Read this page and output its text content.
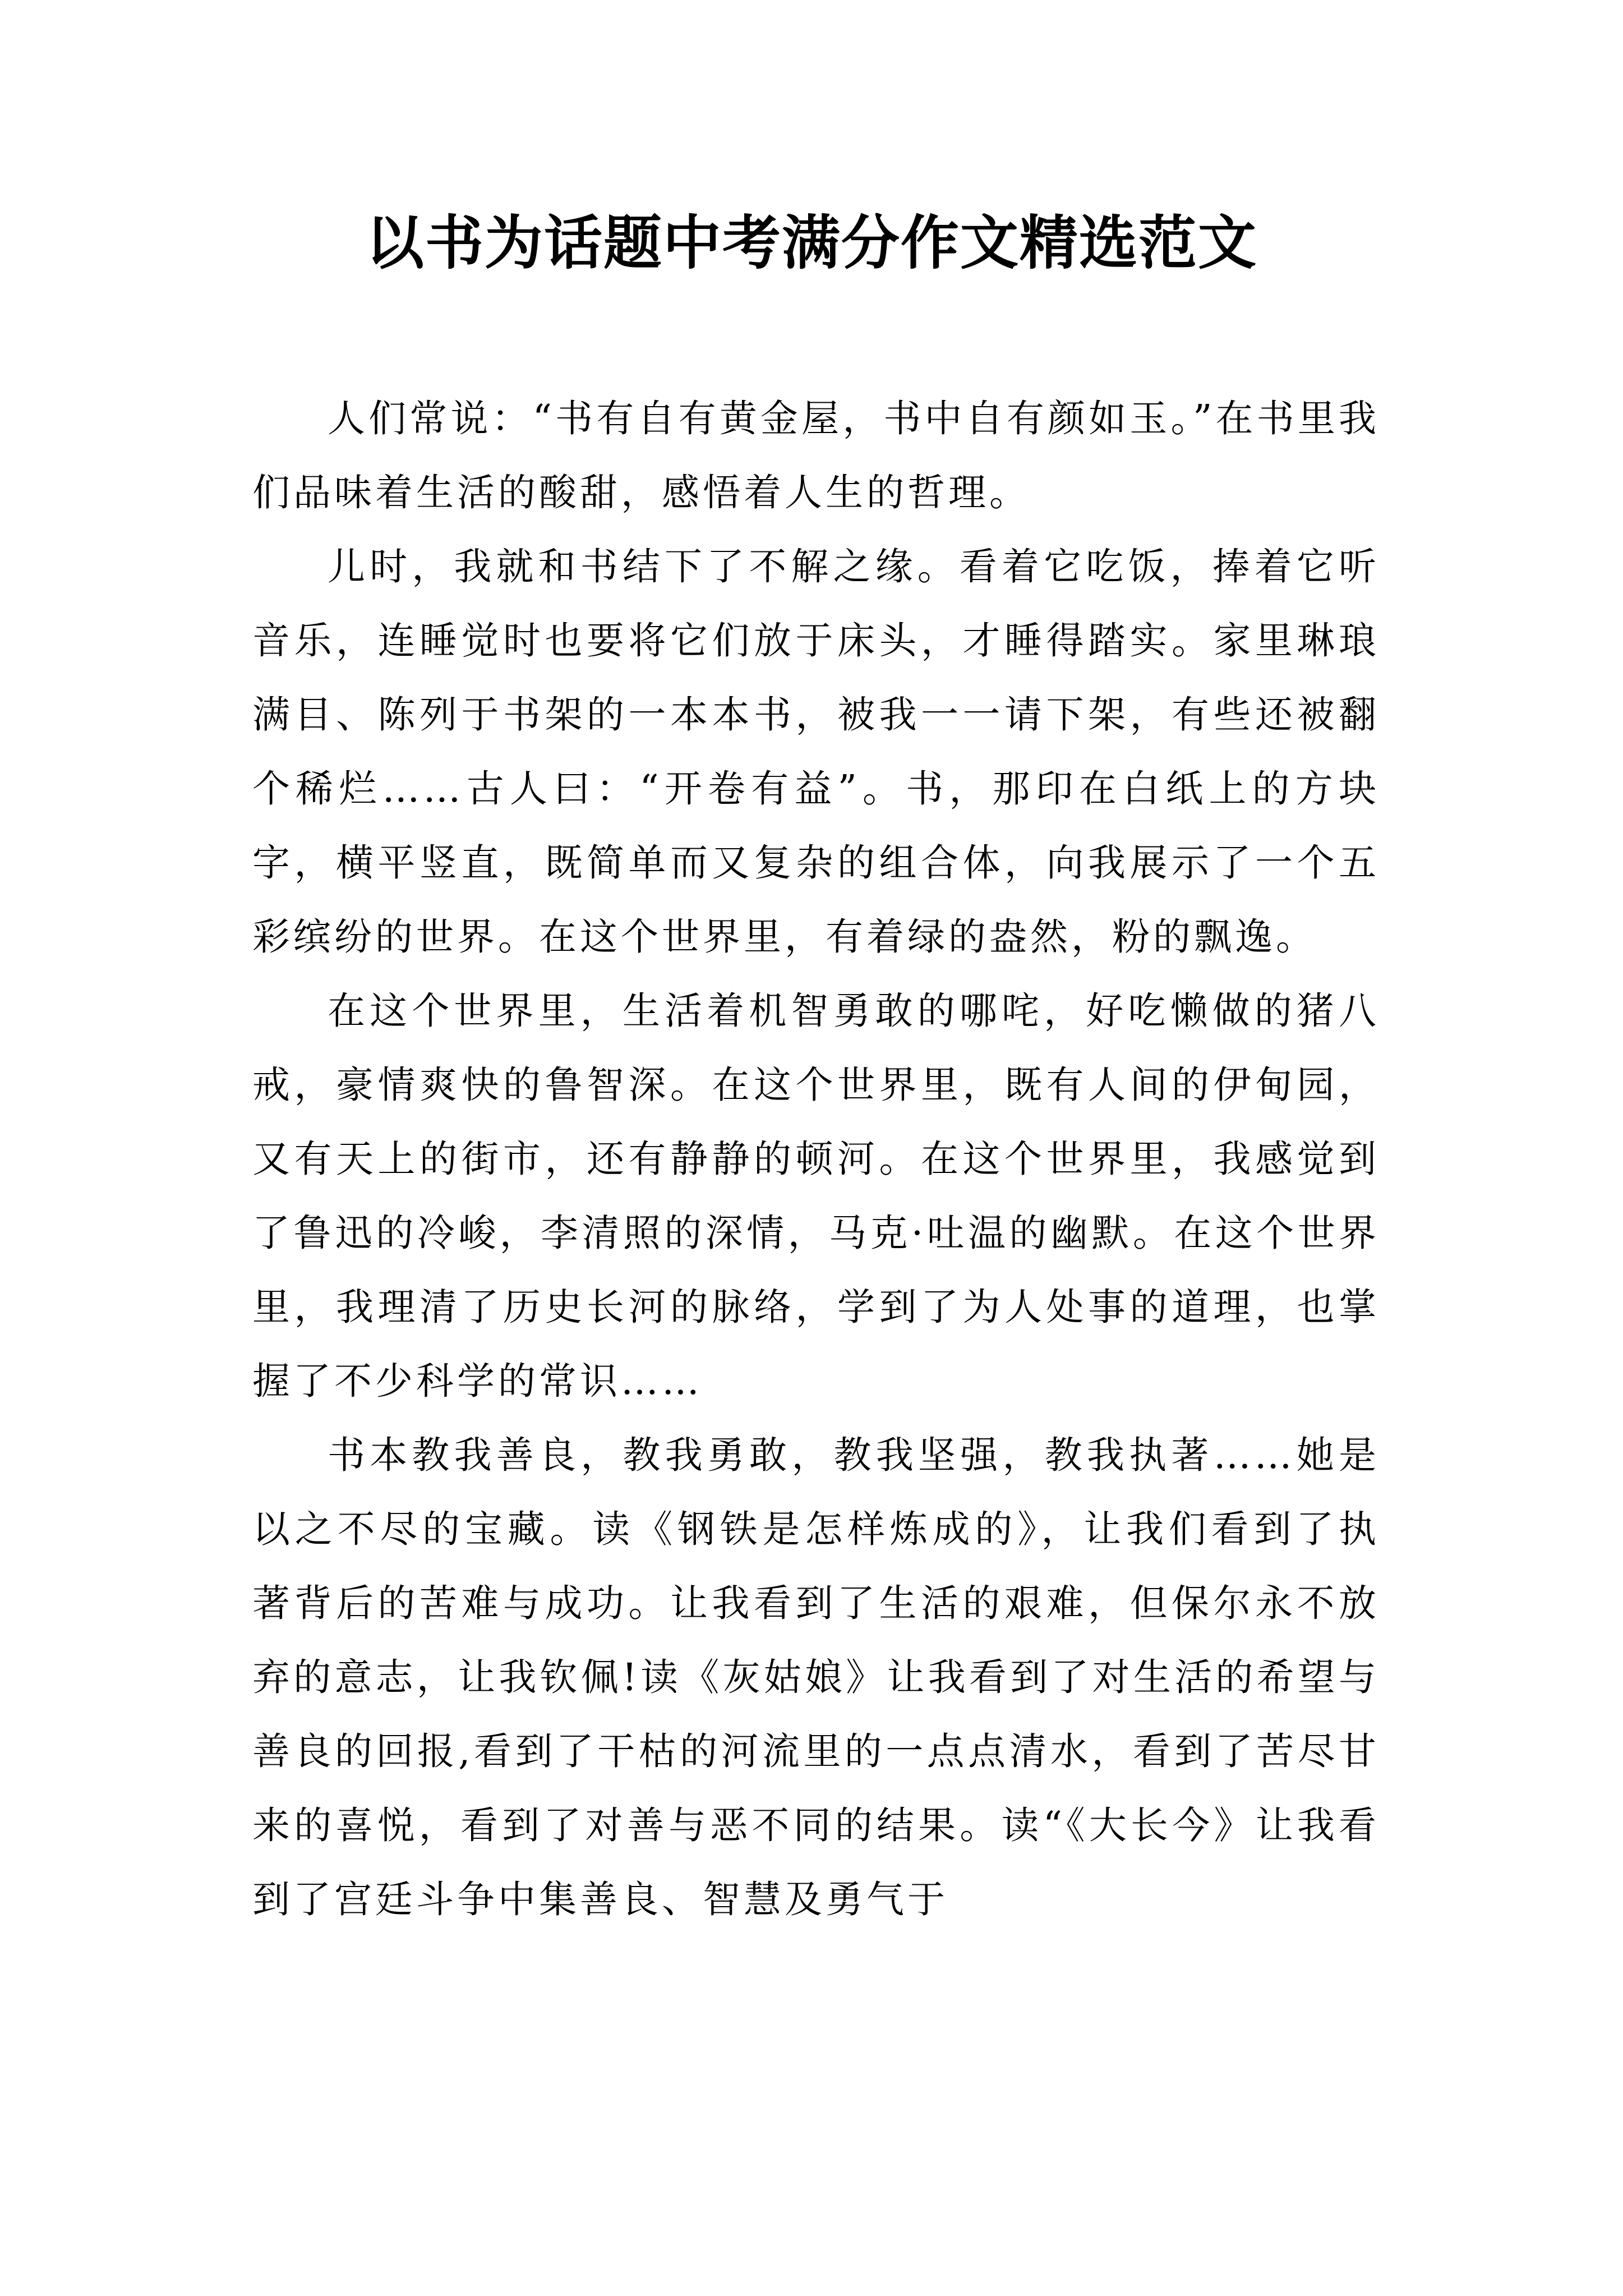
以书为话题中考满分作文精选范文

人们常说：“书有自有黄金屋，书中自有颜如玉。”在书里我们品味着生活的酸甜，感悟着人生的哲理。

儿时，我就和书结下了不解之缘。看着它吃饭，捧着它听音乐，连睡觉时也要将它们放于床头，才睡得踏实。家里琳琅满目、陈列于书架的一本本书，被我一一请下架，有些还被翻个稀烂……古人曰：“开卷有益”。书，那印在白纸上的方块字，横平竖直，既简单而又复杂的组合体，向我展示了一个五彩缤纷的世界。在这个世界里，有着绿的盎然，粉的飘逸。

在这个世界里，生活着机智勇敢的哪咤，好吃懒做的猪八戒，豪情爽快的鲁智深。在这个世界里，既有人间的伊甸园，又有天上的街市，还有静静的顿河。在这个世界里，我感觉到了鲁迅的冷峻，李清照的深情，马克·吐温的幽默。在这个世界里，我理清了历史长河的脉络，学到了为人处事的道理，也掌握了不少科学的常识……

书本教我善良，教我勇敢，教我坚强，教我执著……她是以之不尽的宝藏。读《钢铁是怎样炼成的》，让我们看到了执著背后的苦难与成功。让我看到了生活的艰难，但保尔永不放弃的意志，让我钦佩!读《灰姑娘》让我看到了对生活的希望与善良的回报,看到了干枯的河流里的一点点清水，看到了苦尽甘来的喜悦，看到了对善与恶不同的结果。读“《大长今》让我看到了宫廷斗争中集善良、智慧及勇气于
